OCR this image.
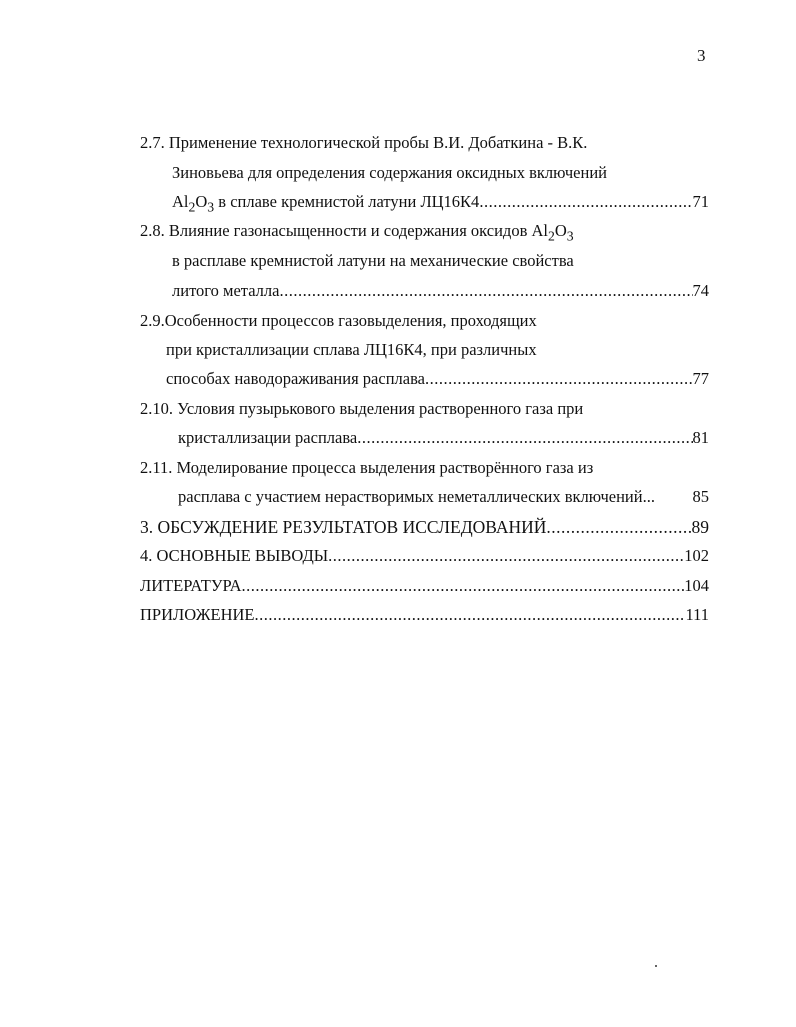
3
2.7. Применение технологической пробы В.И. Добаткина - В.К.
Зиновьева для определения содержания оксидных включений
$Al_2O_3$ в сплаве кремнистой латуни ЛЦ16К4 .....	71
2.8. Влияние газонасыщенности и содержания оксидов $Al_2O_3$
в расплаве кремнистой латуни на механические свойства
литого металла .....	74
2.9.Особенности процессов газовыделения, проходящих
при кристаллизации сплава ЛЦ16К4, при различных
способах наводораживания расплава .....	77
2.10. Условия пузырькового выделения растворенного газа при
кристаллизации расплава .....	81
2.11. Моделирование процесса выделения растворённого газа из
расплава с участием нерастворимых неметаллических включений...	85
3. ОБСУЖДЕНИЕ РЕЗУЛЬТАТОВ ИССЛЕДОВАНИЙ .....	89
4. ОСНОВНЫЕ ВЫВОДЫ .....	102
ЛИТЕРАТУРА .....	104
ПРИЛОЖЕНИЕ .....	111
